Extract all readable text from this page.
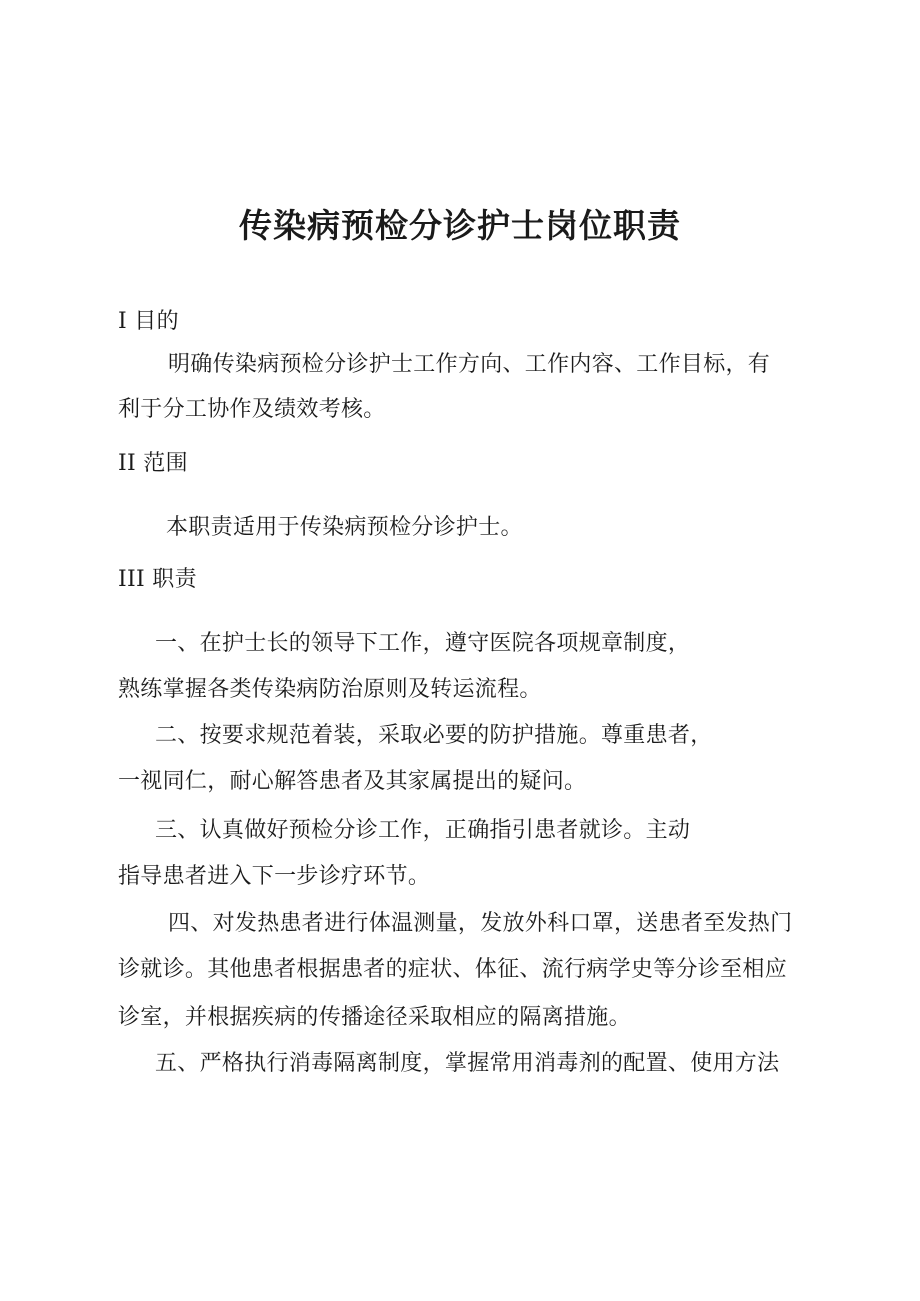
传染病预检分诊护士岗位职责
I 目的
明确传染病预检分诊护士工作方向、工作内容、工作目标，有
利于分工协作及绩效考核。
II 范围
本职责适用于传染病预检分诊护士。
III 职责
一、在护士长的领导下工作，遵守医院各项规章制度，
熟练掌握各类传染病防治原则及转运流程。
二、按要求规范着装，采取必要的防护措施。尊重患者，
一视同仁，耐心解答患者及其家属提出的疑问。
三、认真做好预检分诊工作，正确指引患者就诊。主动
指导患者进入下一步诊疗环节。
四、对发热患者进行体温测量，发放外科口罩，送患者至发热门
诊就诊。其他患者根据患者的症状、体征、流行病学史等分诊至相应
诊室，并根据疾病的传播途径采取相应的隔离措施。
五、严格执行消毒隔离制度，掌握常用消毒剂的配置、使用方法
